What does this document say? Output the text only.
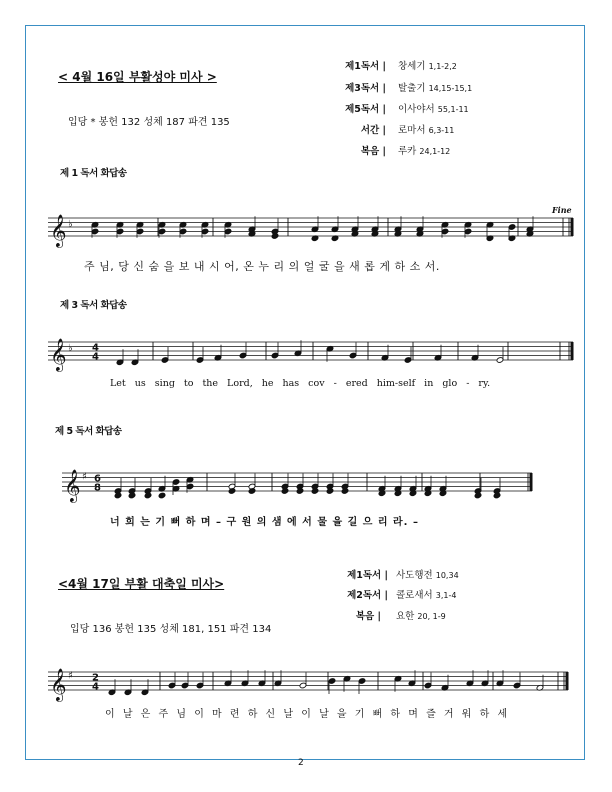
< 4월 16일 부활성야 미사 >
입당 * 봉헌 132 성체 187 파견 135
제1독서 | 창세기 1,1-2,2
제3독서 | 탈출기 14,15-15,1
제5독서 | 이사야서 55,1-11
서간 | 로마서 6,3-11
복음 | 루카 24,1-12
제 1 독서 화답송
Fine
𝄞 ♭
주 님, 당 신 숨 을 보 내 시 어, 온 누 리 의 얼 굴 을 새 롭 게 하 소 서.
제 3 독서 화답송
𝄞 ♭ 4
4
Let us sing to the Lord, he has cov - ered him-self in glo - ry.
제 5 독서 화답송
𝄞 ♯ 6
8
너 희 는 기 뻐 하 며 – 구 원 의 샘 에 서 물 을 길 으 리 라. –
<4월 17일 부활 대축일 미사>
입당 136 봉헌 135 성체 181, 151 파견 134
제1독서 | 사도행전 10,34
제2독서 | 콜로새서 3,1-4
복음 | 요한 20, 1-9
𝄞 ♯ 2
4
이 날 은 주 님 이 마 련 하 신 날 이 날 을 기 뻐 하 며 즐 거 워 하 세
2
